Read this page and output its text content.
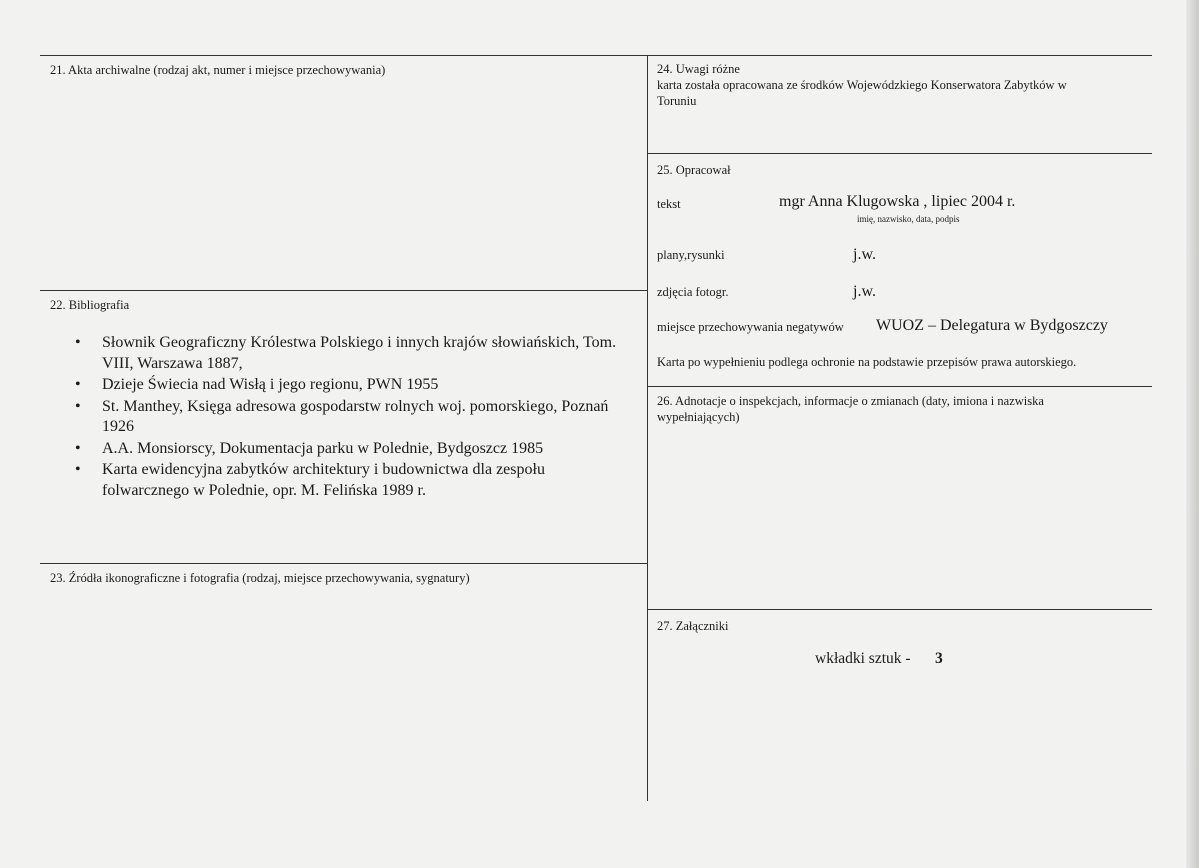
21. Akta archiwalne (rodzaj akt, numer i miejsce przechowywania)
22. Bibliografia
• Słownik Geograficzny Królestwa Polskiego i innych krajów słowiańskich, Tom. VIII, Warszawa 1887,
• Dzieje Świecia nad Wisłą i jego regionu, PWN 1955
• St. Manthey, Księga adresowa gospodarstw rolnych woj. pomorskiego, Poznań 1926
• A.A. Monsiorscy, Dokumentacja parku w Polednie, Bydgoszcz 1985
• Karta ewidencyjna zabytków architektury i budownictwa dla zespołu folwarcznego w Polednie, opr. M. Felińska 1989 r.
23. Źródła ikonograficzne i fotografia (rodzaj, miejsce przechowywania, sygnatury)
24. Uwagi różne
karta została opracowana ze środków Wojewódzkiego Konserwatora Zabytków w
Toruniu
25. Opracował
tekst	mgr Anna Klugowska , lipiec 2004 r.
imię, nazwisko, data, podpis
plany,rysunki	j.w.
zdjęcia fotogr.	j.w.
miejsce przechowywania negatywów WUOZ – Delegatura w Bydgoszczy
Karta po wypełnieniu podlega ochronie na podstawie przepisów prawa autorskiego.
26. Adnotacje o inspekcjach, informacje o zmianach (daty, imiona i nazwiska
wypełniających)
27. Załączniki
wkładki sztuk - 3
